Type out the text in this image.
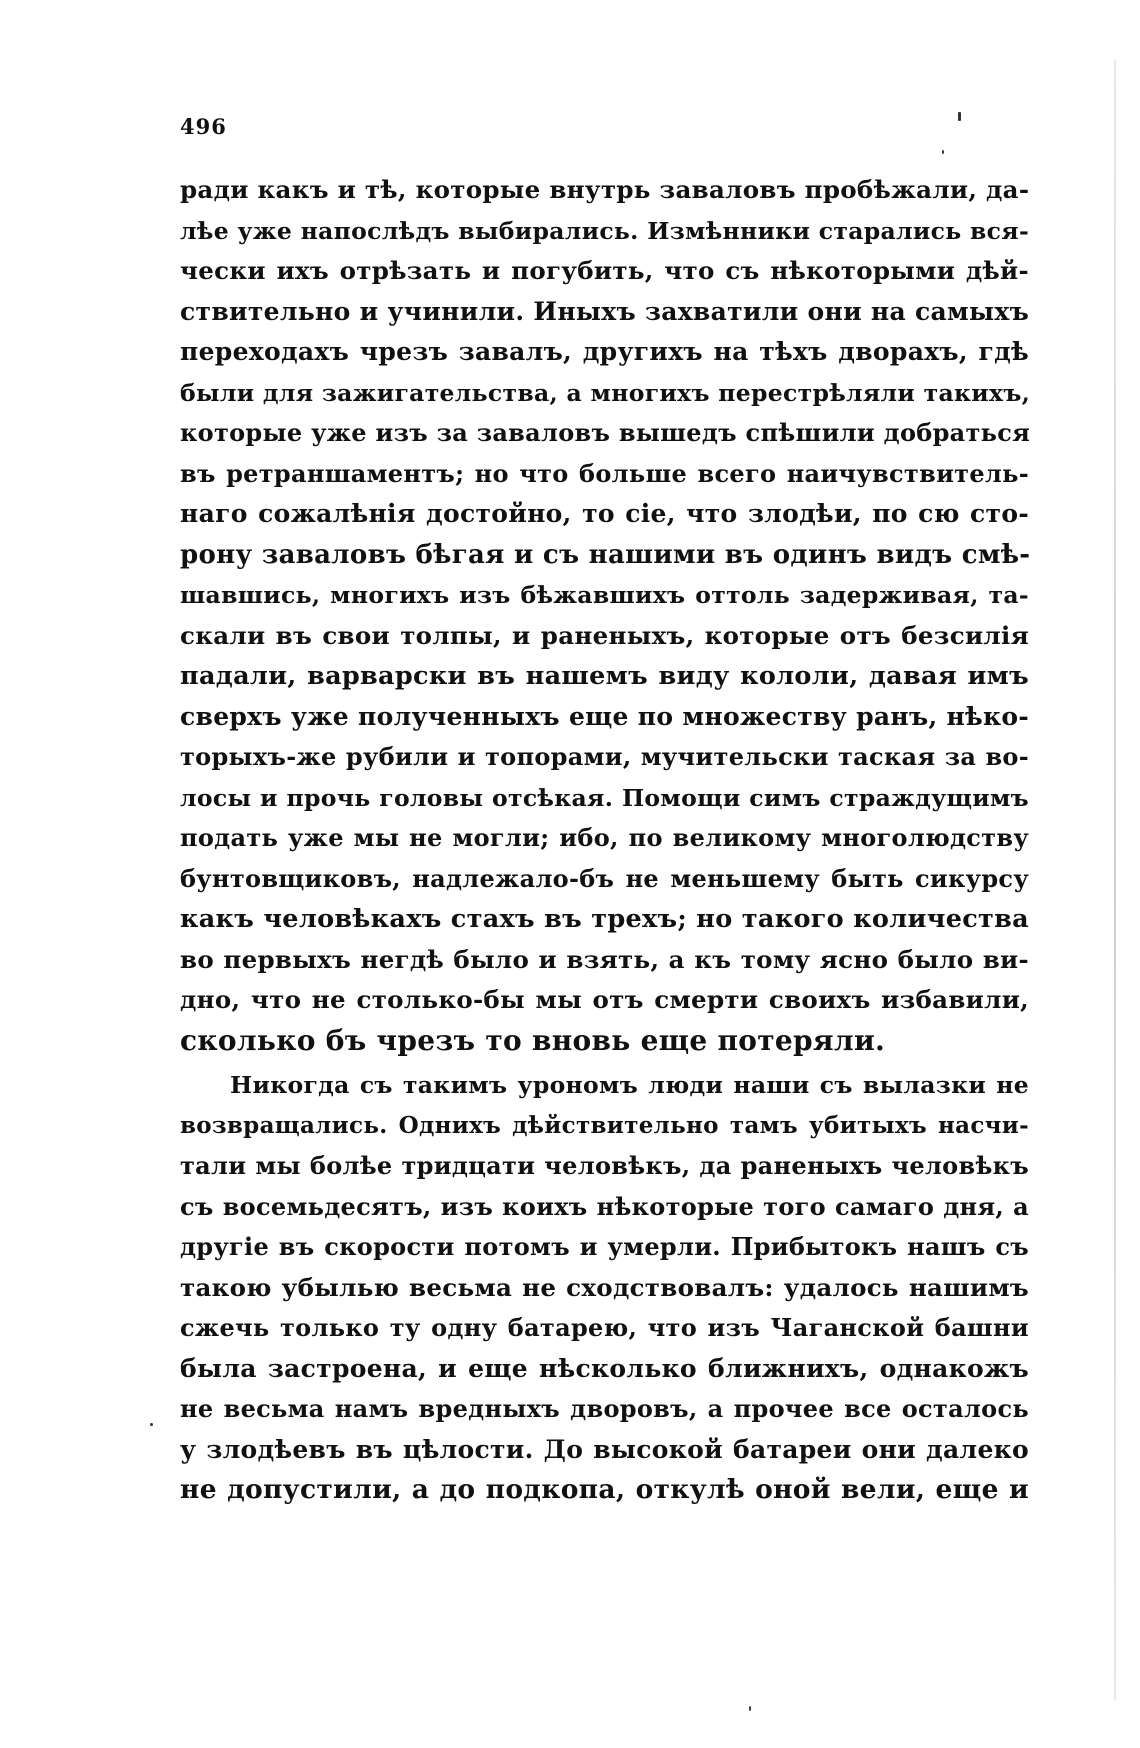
496
ради какъ и тѣ, которые внутрь заваловъ пробѣжали, да-
лѣе уже напослѣдъ выбирались. Измѣнники старались вся-
чески ихъ отрѣзать и погубить, что съ нѣкоторыми дѣй-
ствительно и учинили. Иныхъ захватили они на самыхъ
переходахъ чрезъ завалъ, другихъ на тѣхъ дворахъ, гдѣ
были для зажигательства, а многихъ перестрѣляли такихъ,
которые уже изъ за заваловъ вышедъ спѣшили добраться
въ ретраншаментъ; но что больше всего наичувствитель-
наго сожалѣнія достойно, то сіе, что злодѣи, по сю сто-
рону заваловъ бѣгая и съ нашими въ одинъ видъ смѣ-
шавшись, многихъ изъ бѣжавшихъ оттоль задерживая, та-
скали въ свои толпы, и раненыхъ, которые отъ безсилія
падали, варварски въ нашемъ виду кололи, давая имъ
сверхъ уже полученныхъ еще по множеству ранъ, нѣко-
торыхъ-же рубили и топорами, мучительски таская за во-
лосы и прочь головы отсѣкая. Помощи симъ страждущимъ
подать уже мы не могли; ибо, по великому многолюдству
бунтовщиковъ, надлежало-бъ не меньшему быть сикурсу
какъ человѣкахъ стахъ въ трехъ; но такого количества
во первыхъ негдѣ было и взять, а къ тому ясно было ви-
дно, что не столько-бы мы отъ смерти своихъ избавили,
сколько бъ чрезъ то вновь еще потеряли.
Никогда съ такимъ урономъ люди наши съ вылазки не
возвращались. Однихъ дѣйствительно тамъ убитыхъ насчи-
тали мы болѣе тридцати человѣкъ, да раненыхъ человѣкъ
съ восемьдесятъ, изъ коихъ нѣкоторые того самаго дня, а
другіе въ скорости потомъ и умерли. Прибытокъ нашъ съ
такою убылью весьма не сходствовалъ: удалось нашимъ
сжечь только ту одну батарею, что изъ Чаганской башни
была застроена, и еще нѣсколько ближнихъ, однакожъ
не весьма намъ вредныхъ дворовъ, а прочее все осталось
у злодѣевъ въ цѣлости. До высокой батареи они далеко
не допустили, а до подкопа, откулѣ оной вели, еще и
